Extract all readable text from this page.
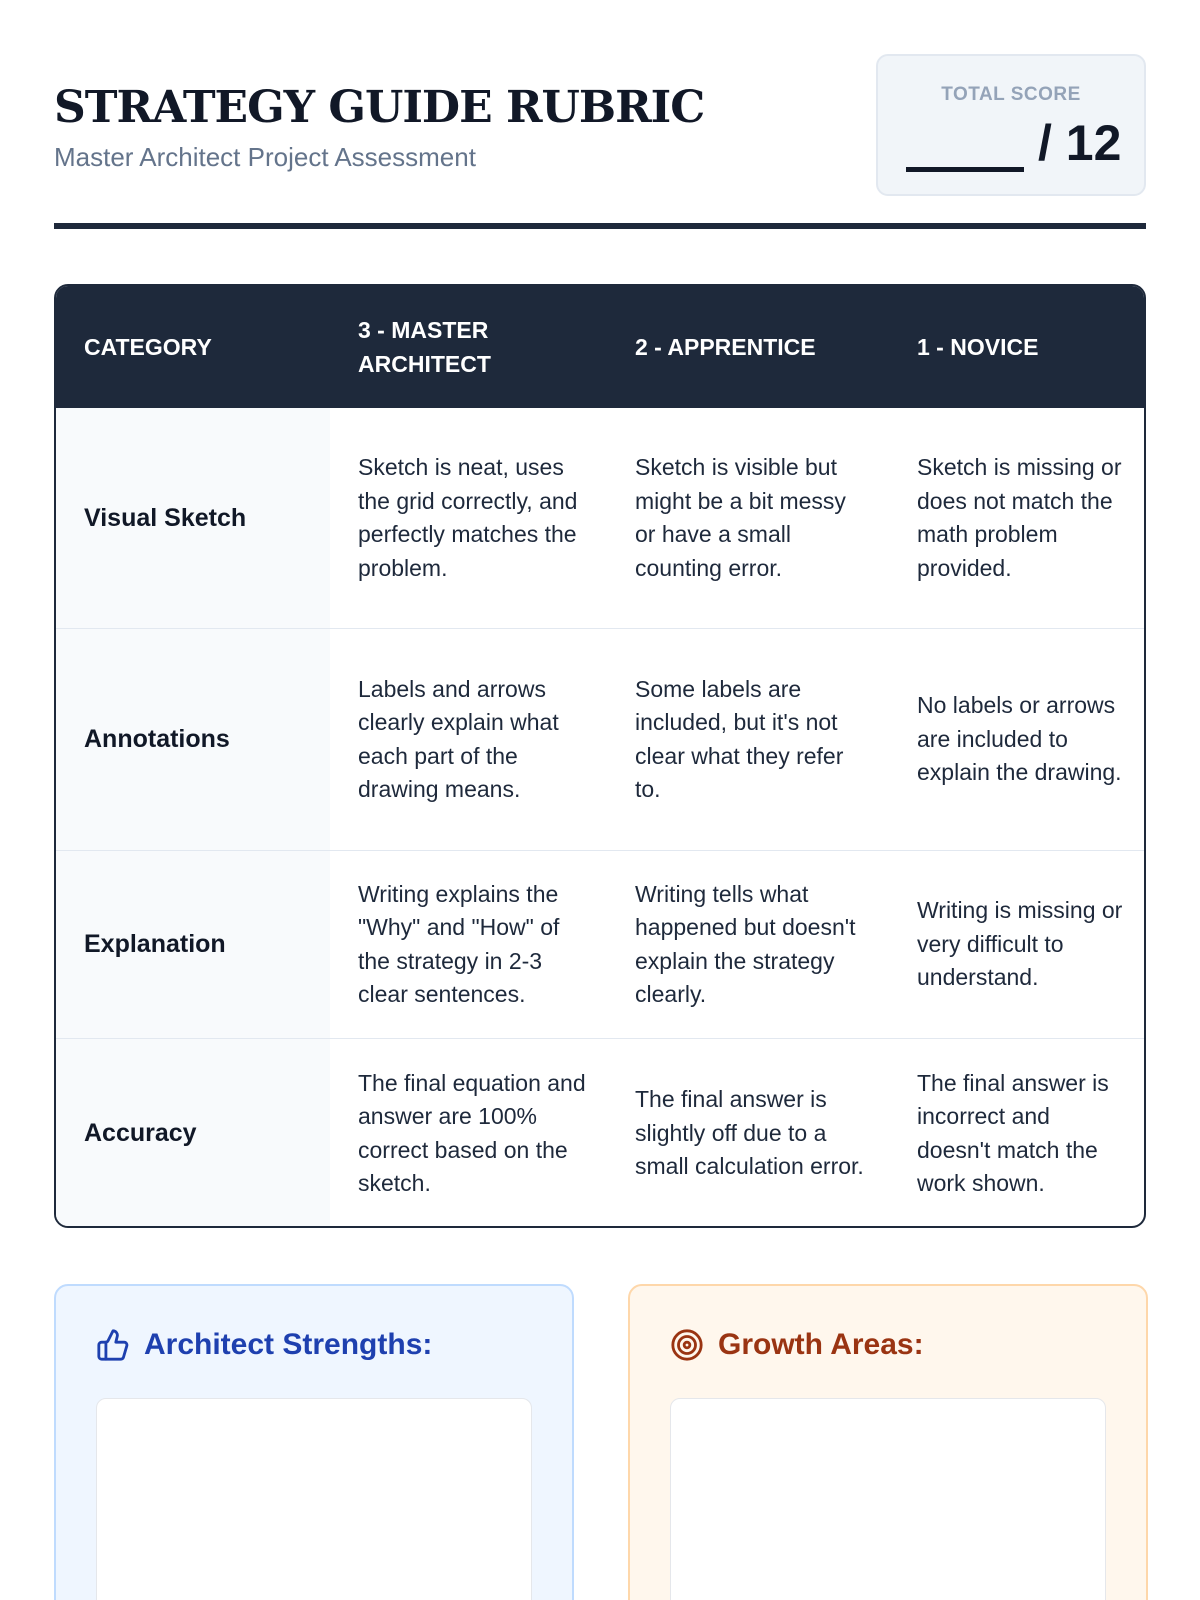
STRATEGY GUIDE RUBRIC
Master Architect Project Assessment
TOTAL SCORE
/ 12
CATEGORY
3 - MASTER ARCHITECT
2 - APPRENTICE	1 - NOVICE
Visual Sketch
Sketch is neat, uses the grid correctly, and perfectly matches the problem.
Sketch is visible but might be a bit messy or have a small counting error.
Sketch is missing or does not match the math problem provided.
Annotations
Labels and arrows clearly explain what each part of the drawing means.
Some labels are included, but it's not clear what they refer to.
No labels or arrows are included to explain the drawing.
Explanation
Writing explains the "Why" and "How" of the strategy in 2-3 clear sentences.
Writing tells what happened but doesn't explain the strategy clearly.
Writing is missing or very difficult to understand.
Accuracy
The final equation and answer are 100% correct based on the sketch.
The final answer is slightly off due to a small calculation error.
The final answer is incorrect and doesn't match the work shown.
Architect Strengths:	Growth Areas:
